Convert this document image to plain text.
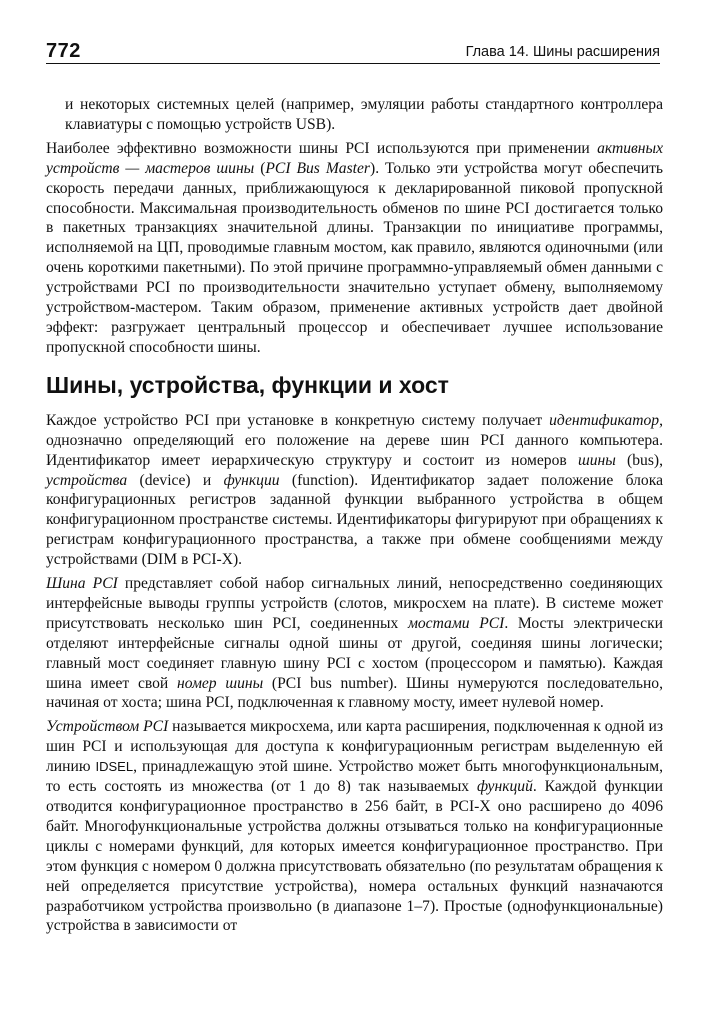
772	Глава 14. Шины расширения

и некоторых системных целей (например, эмуляции работы стандартного контроллера клавиатуры с помощью устройств USB).

Наиболее эффективно возможности шины PCI используются при применении активных устройств — мастеров шины (PCI Bus Master). Только эти устройства могут обеспечить скорость передачи данных, приближающуюся к декларированной пиковой пропускной способности. Максимальная производительность обменов по шине PCI достигается только в пакетных транзакциях значительной длины. Транзакции по инициативе программы, исполняемой на ЦП, проводимые главным мостом, как правило, являются одиночными (или очень короткими пакетными). По этой причине программно-управляемый обмен данными с устройствами PCI по производительности значительно уступает обмену, выполняемому устройством-мастером. Таким образом, применение активных устройств дает двойной эффект: разгружает центральный процессор и обеспечивает лучшее использование пропускной способности шины.

Шины, устройства, функции и хост

Каждое устройство PCI при установке в конкретную систему получает идентификатор, однозначно определяющий его положение на дереве шин PCI данного компьютера. Идентификатор имеет иерархическую структуру и состоит из номеров шины (bus), устройства (device) и функции (function). Идентификатор задает положение блока конфигурационных регистров заданной функции выбранного устройства в общем конфигурационном пространстве системы. Идентификаторы фигурируют при обращениях к регистрам конфигурационного пространства, а также при обмене сообщениями между устройствами (DIM в PCI-X).

Шина PCI представляет собой набор сигнальных линий, непосредственно соединяющих интерфейсные выводы группы устройств (слотов, микросхем на плате). В системе может присутствовать несколько шин PCI, соединенных мостами PCI. Мосты электрически отделяют интерфейсные сигналы одной шины от другой, соединяя шины логически; главный мост соединяет главную шину PCI с хостом (процессором и памятью). Каждая шина имеет свой номер шины (PCI bus number). Шины нумеруются последовательно, начиная от хоста; шина PCI, подключенная к главному мосту, имеет нулевой номер.

Устройством PCI называется микросхема, или карта расширения, подключенная к одной из шин PCI и использующая для доступа к конфигурационным регистрам выделенную ей линию IDSEL, принадлежащую этой шине. Устройство может быть многофункциональным, то есть состоять из множества (от 1 до 8) так называемых функций. Каждой функции отводится конфигурационное пространство в 256 байт, в PCI-X оно расширено до 4096 байт. Многофункциональные устройства должны отзываться только на конфигурационные циклы с номерами функций, для которых имеется конфигурационное пространство. При этом функция с номером 0 должна присутствовать обязательно (по результатам обращения к ней определяется присутствие устройства), номера остальных функций назначаются разработчиком устройства произвольно (в диапазоне 1–7). Простые (однофункциональные) устройства в зависимости от
